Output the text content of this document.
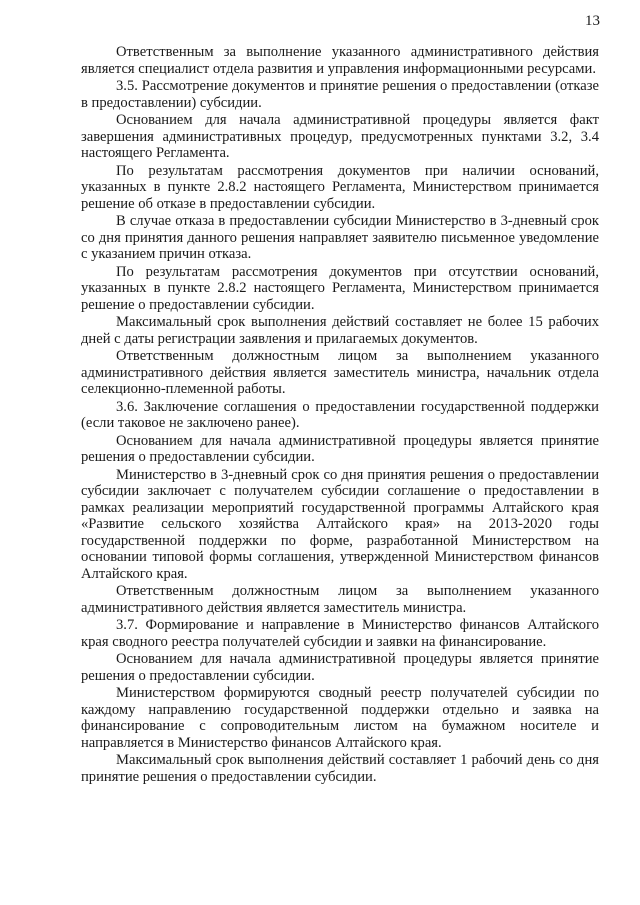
13

Ответственным за выполнение указанного административного действия является специалист отдела развития и управления информационными ресурсами.

3.5. Рассмотрение документов и принятие решения о предоставлении (отказе в предоставлении) субсидии.

Основанием для начала административной процедуры является факт завершения административных процедур, предусмотренных пунктами 3.2, 3.4 настоящего Регламента.

По результатам рассмотрения документов при наличии оснований, указанных в пункте 2.8.2 настоящего Регламента, Министерством принимается решение об отказе в предоставлении субсидии.

В случае отказа в предоставлении субсидии Министерство в 3-дневный срок со дня принятия данного решения направляет заявителю письменное уведомление с указанием причин отказа.

По результатам рассмотрения документов при отсутствии оснований, указанных в пункте 2.8.2 настоящего Регламента, Министерством принимается решение о предоставлении субсидии.

Максимальный срок выполнения действий составляет не более 15 рабочих дней с даты регистрации заявления и прилагаемых документов.

Ответственным должностным лицом за выполнением указанного административного действия является заместитель министра, начальник отдела селекционно-племенной работы.

3.6. Заключение соглашения о предоставлении государственной поддержки (если таковое не заключено ранее).

Основанием для начала административной процедуры является принятие решения о предоставлении субсидии.

Министерство в 3-дневный срок со дня принятия решения о предоставлении субсидии заключает с получателем субсидии соглашение о предоставлении в рамках реализации мероприятий государственной программы Алтайского края «Развитие сельского хозяйства Алтайского края» на 2013-2020 годы государственной поддержки по форме, разработанной Министерством на основании типовой формы соглашения, утвержденной Министерством финансов Алтайского края.

Ответственным должностным лицом за выполнением указанного административного действия является заместитель министра.

3.7. Формирование и направление в Министерство финансов Алтайского края сводного реестра получателей субсидии и заявки на финансирование.

Основанием для начала административной процедуры является принятие решения о предоставлении субсидии.

Министерством формируются сводный реестр получателей субсидии по каждому направлению государственной поддержки отдельно и заявка на финансирование с сопроводительным листом на бумажном носителе и направляется в Министерство финансов Алтайского края.

Максимальный срок выполнения действий составляет 1 рабочий день со дня принятие решения о предоставлении субсидии.
